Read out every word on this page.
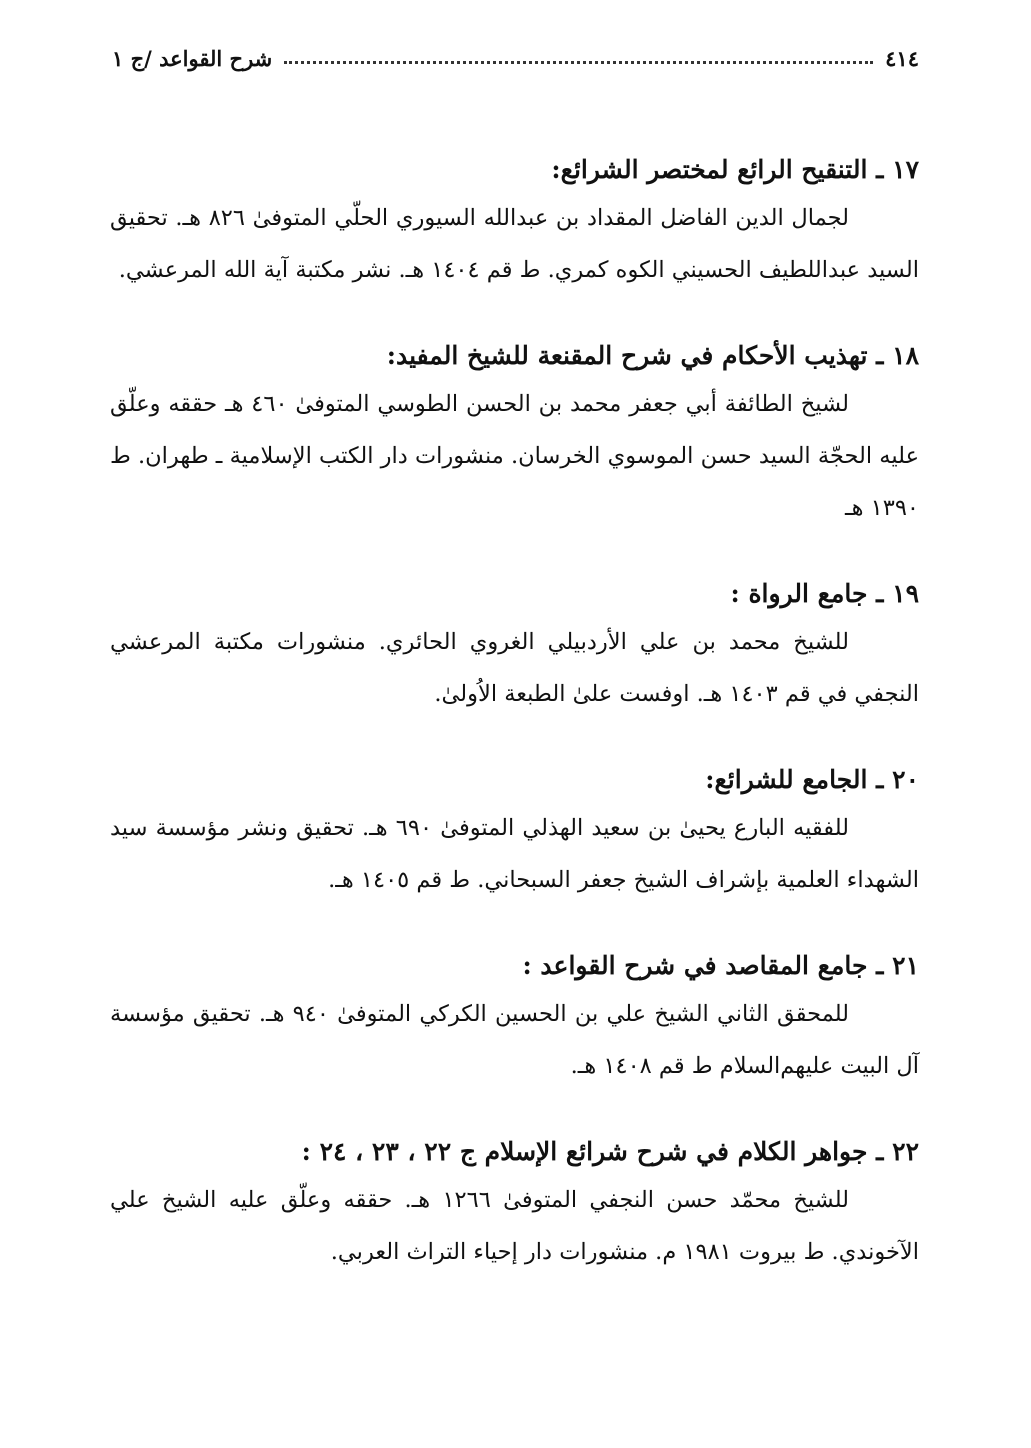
٤١٤
شرح القواعد /ج ١

١٧ ـ التنقيح الرائع لمختصر الشرائع:

لجمال الدين الفاضل المقداد بن عبدالله السيوري الحلّي المتوفىٰ ٨٢٦ هـ. تحقيق السيد عبداللطيف الحسيني الكوه كمري. ط قم ١٤٠٤ هـ. نشر مكتبة آية الله المرعشي.

١٨ ـ تهذيب الأحكام في شرح المقنعة للشيخ المفيد:

لشيخ الطائفة أبي جعفر محمد بن الحسن الطوسي المتوفىٰ ٤٦٠ هـ حققه وعلّق عليه الحجّة السيد حسن الموسوي الخرسان. منشورات دار الكتب الإسلامية ـ طهران. ط ١٣٩٠ هـ

١٩ ـ جامع الرواة :

للشيخ محمد بن علي الأردبيلي الغروي الحائري. منشورات مكتبة المرعشي النجفي في قم ١٤٠٣ هـ. اوفست علىٰ الطبعة الاُولىٰ.

٢٠ ـ الجامع للشرائع:

للفقيه البارع يحيىٰ بن سعيد الهذلي المتوفىٰ ٦٩٠ هـ. تحقيق ونشر مؤسسة سيد الشهداء العلمية بإشراف الشيخ جعفر السبحاني. ط قم ١٤٠٥ هـ.

٢١ ـ جامع المقاصد في شرح القواعد :

للمحقق الثاني الشيخ علي بن الحسين الكركي المتوفىٰ ٩٤٠ هـ. تحقيق مؤسسة آل البيت عليهم‌السلام ط قم ١٤٠٨ هـ.

٢٢ ـ جواهر الكلام في شرح شرائع الإسلام ج ٢٢ ، ٢٣ ، ٢٤ :

للشيخ محمّد حسن النجفي المتوفىٰ ١٢٦٦ هـ. حققه وعلّق عليه الشيخ علي الآخوندي. ط بيروت ١٩٨١ م. منشورات دار إحياء التراث العربي.
